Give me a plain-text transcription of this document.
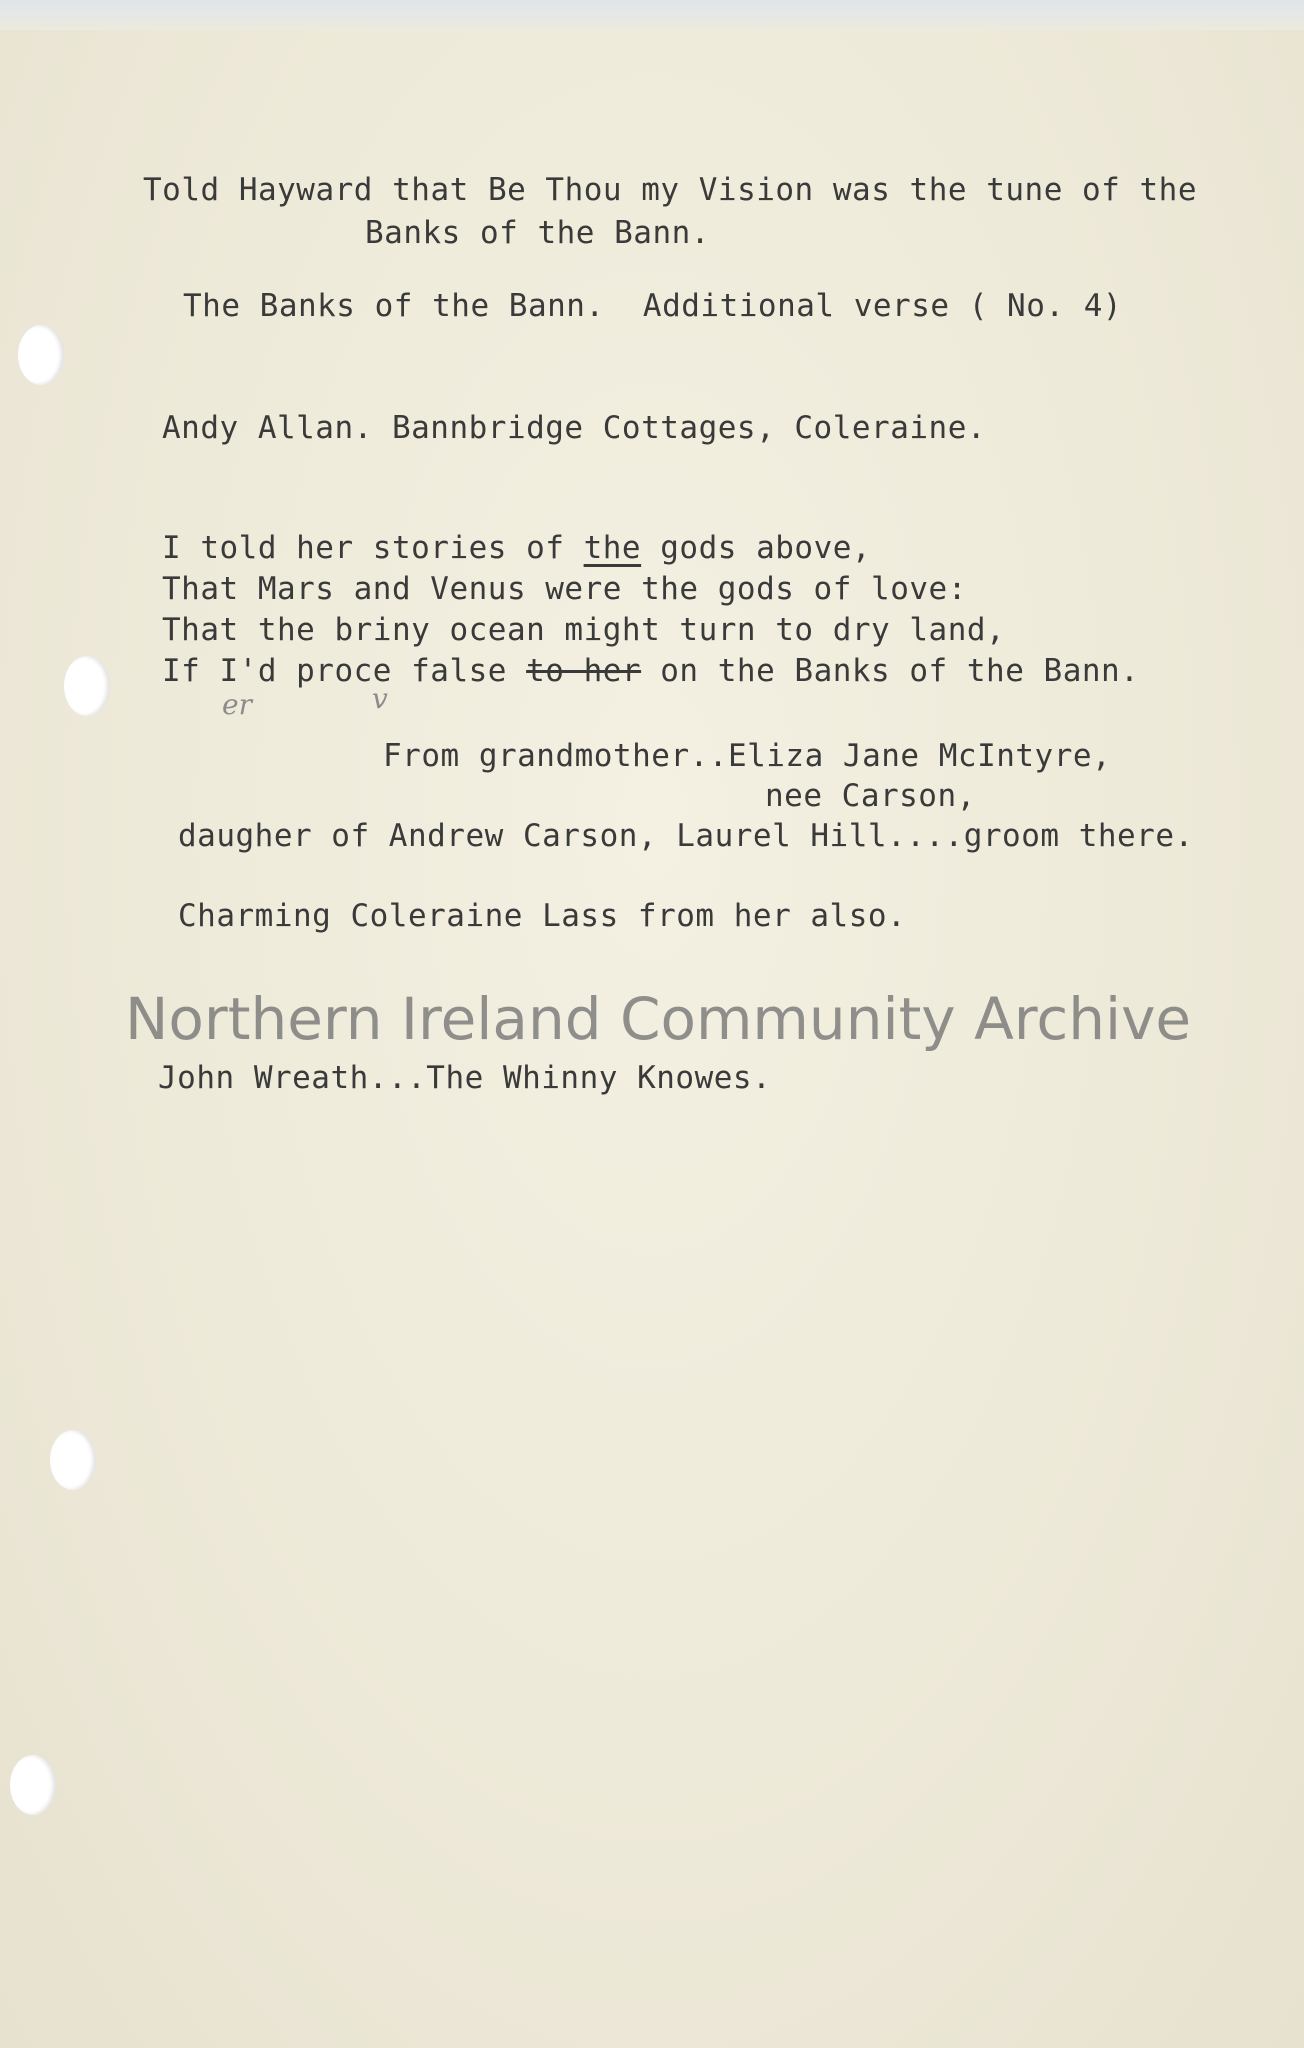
Told Hayward that Be Thou my Vision was the tune of the
Banks of the Bann.
The Banks of the Bann.  Additional verse ( No. 4)
Andy Allan. Bannbridge Cottages, Coleraine.
I told her stories of the gods above,
That Mars and Venus were the gods of love:
That the briny ocean might turn to dry land,
If I'd proce false to her on the Banks of the Bann.
er	v
From grandmother..Eliza Jane McIntyre,
nee Carson,
daugher of Andrew Carson, Laurel Hill....groom there.
Charming Coleraine Lass from her also.
Northern Ireland Community Archive
John Wreath...The Whinny Knowes.
